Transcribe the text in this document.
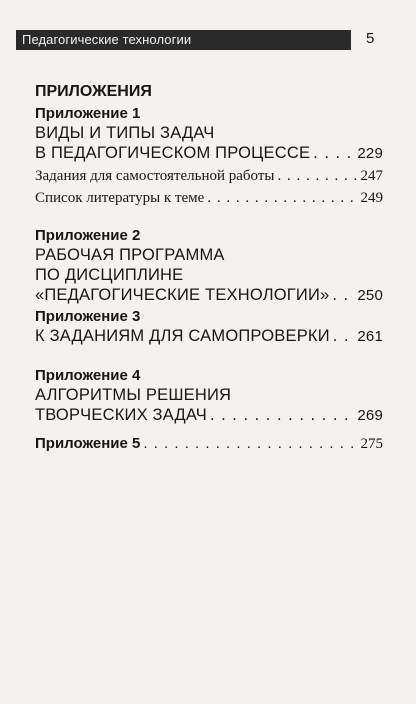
Педагогические технологии	5
ПРИЛОЖЕНИЯ
Приложение 1
ВИДЫ И ТИПЫ ЗАДАЧ
В ПЕДАГОГИЧЕСКОМ ПРОЦЕССЕ . . .	229
Задания для самостоятельной работы . . .	247
Список литературы к теме . . .	249
Приложение 2
РАБОЧАЯ ПРОГРАММА
ПО ДИСЦИПЛИНЕ
«ПЕДАГОГИЧЕСКИЕ ТЕХНОЛОГИИ» . . . 250
Приложение 3
К ЗАДАНИЯМ ДЛЯ САМОПРОВЕРКИ . . . 261
Приложение 4
АЛГОРИТМЫ РЕШЕНИЯ
ТВОРЧЕСКИХ ЗАДАЧ . . .	269
Приложение 5 . . .	275
